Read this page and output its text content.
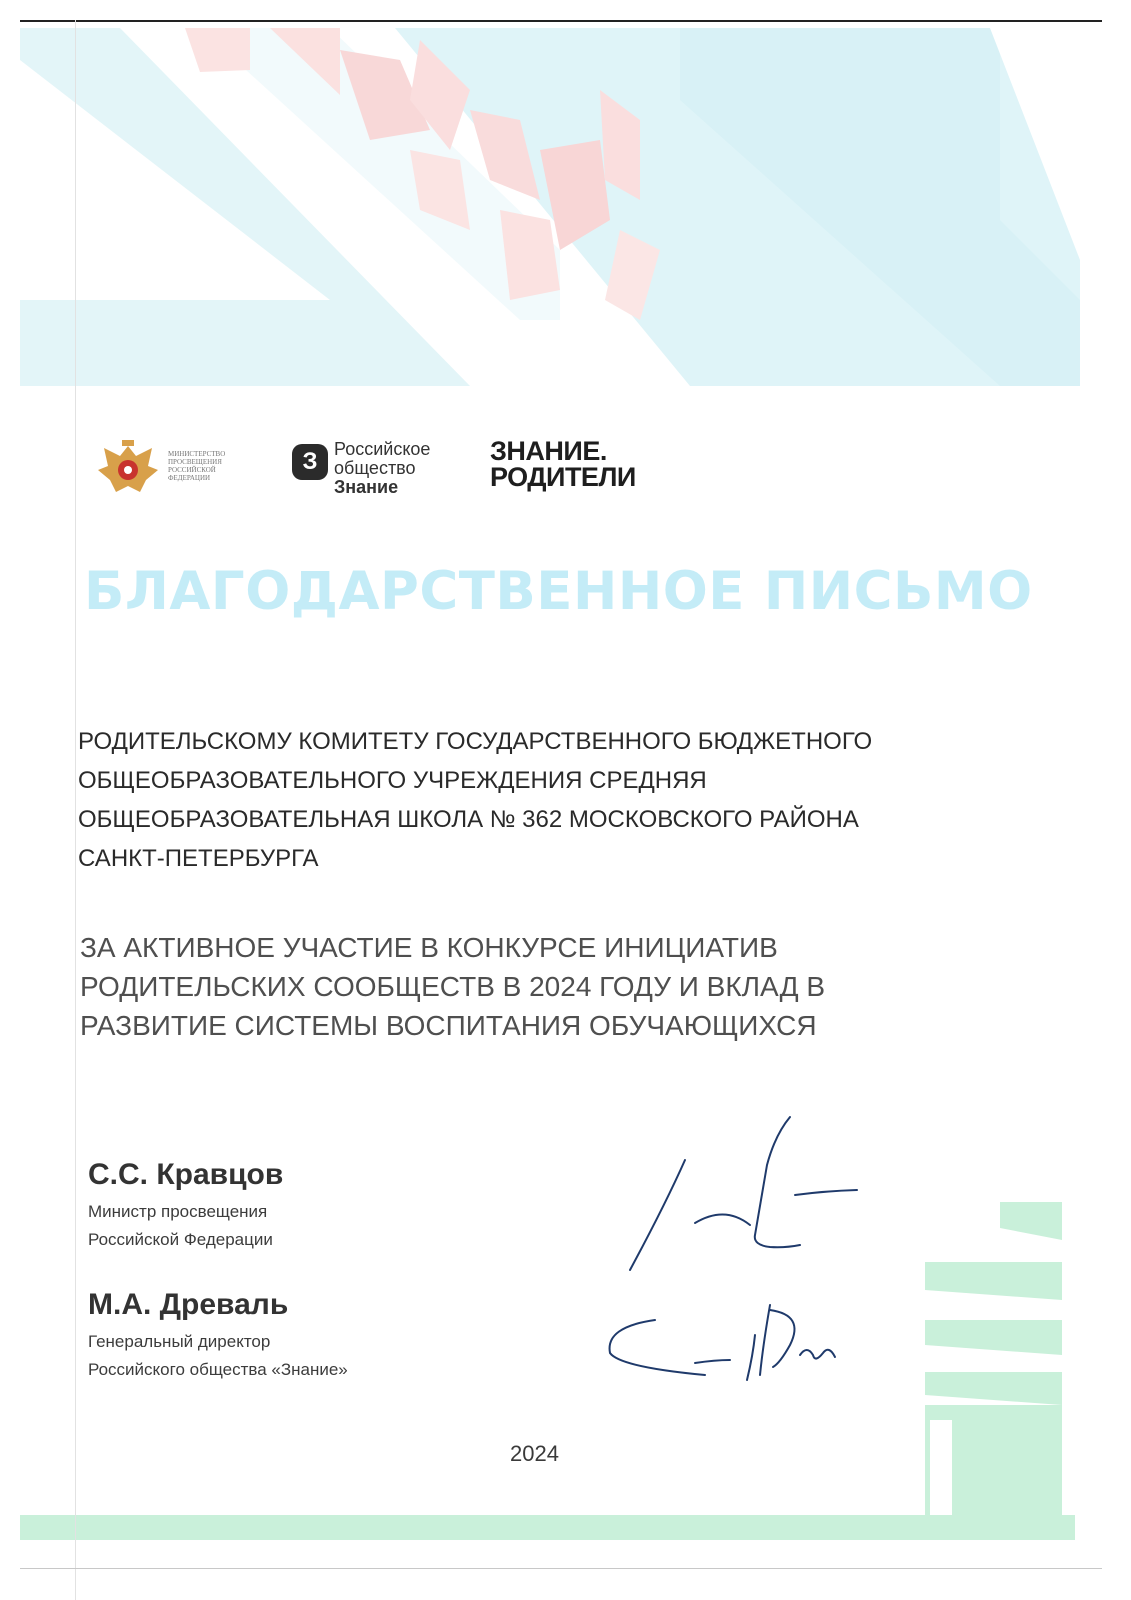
МИНИСТЕРСТВО ПРОСВЕЩЕНИЯ РОССИЙСКОЙ ФЕДЕРАЦИИ
З Российское
общество
Знание
ЗНАНИЕ.
РОДИТЕЛИ
БЛАГОДАРСТВЕННОЕ ПИСЬМО
РОДИТЕЛЬСКОМУ КОМИТЕТУ ГОСУДАРСТВЕННОГО БЮДЖЕТНОГО
ОБЩЕОБРАЗОВАТЕЛЬНОГО УЧРЕЖДЕНИЯ СРЕДНЯЯ
ОБЩЕОБРАЗОВАТЕЛЬНАЯ ШКОЛА № 362 МОСКОВСКОГО РАЙОНА
САНКТ-ПЕТЕРБУРГА
ЗА АКТИВНОЕ УЧАСТИЕ В КОНКУРСЕ ИНИЦИАТИВ
РОДИТЕЛЬСКИХ СООБЩЕСТВ В 2024 ГОДУ И ВКЛАД В
РАЗВИТИЕ СИСТЕМЫ ВОСПИТАНИЯ ОБУЧАЮЩИХСЯ
С.С. Кравцов
Министр просвещения
Российской Федерации
М.А. Древаль
Генеральный директор
Российского общества «Знание»
2024
